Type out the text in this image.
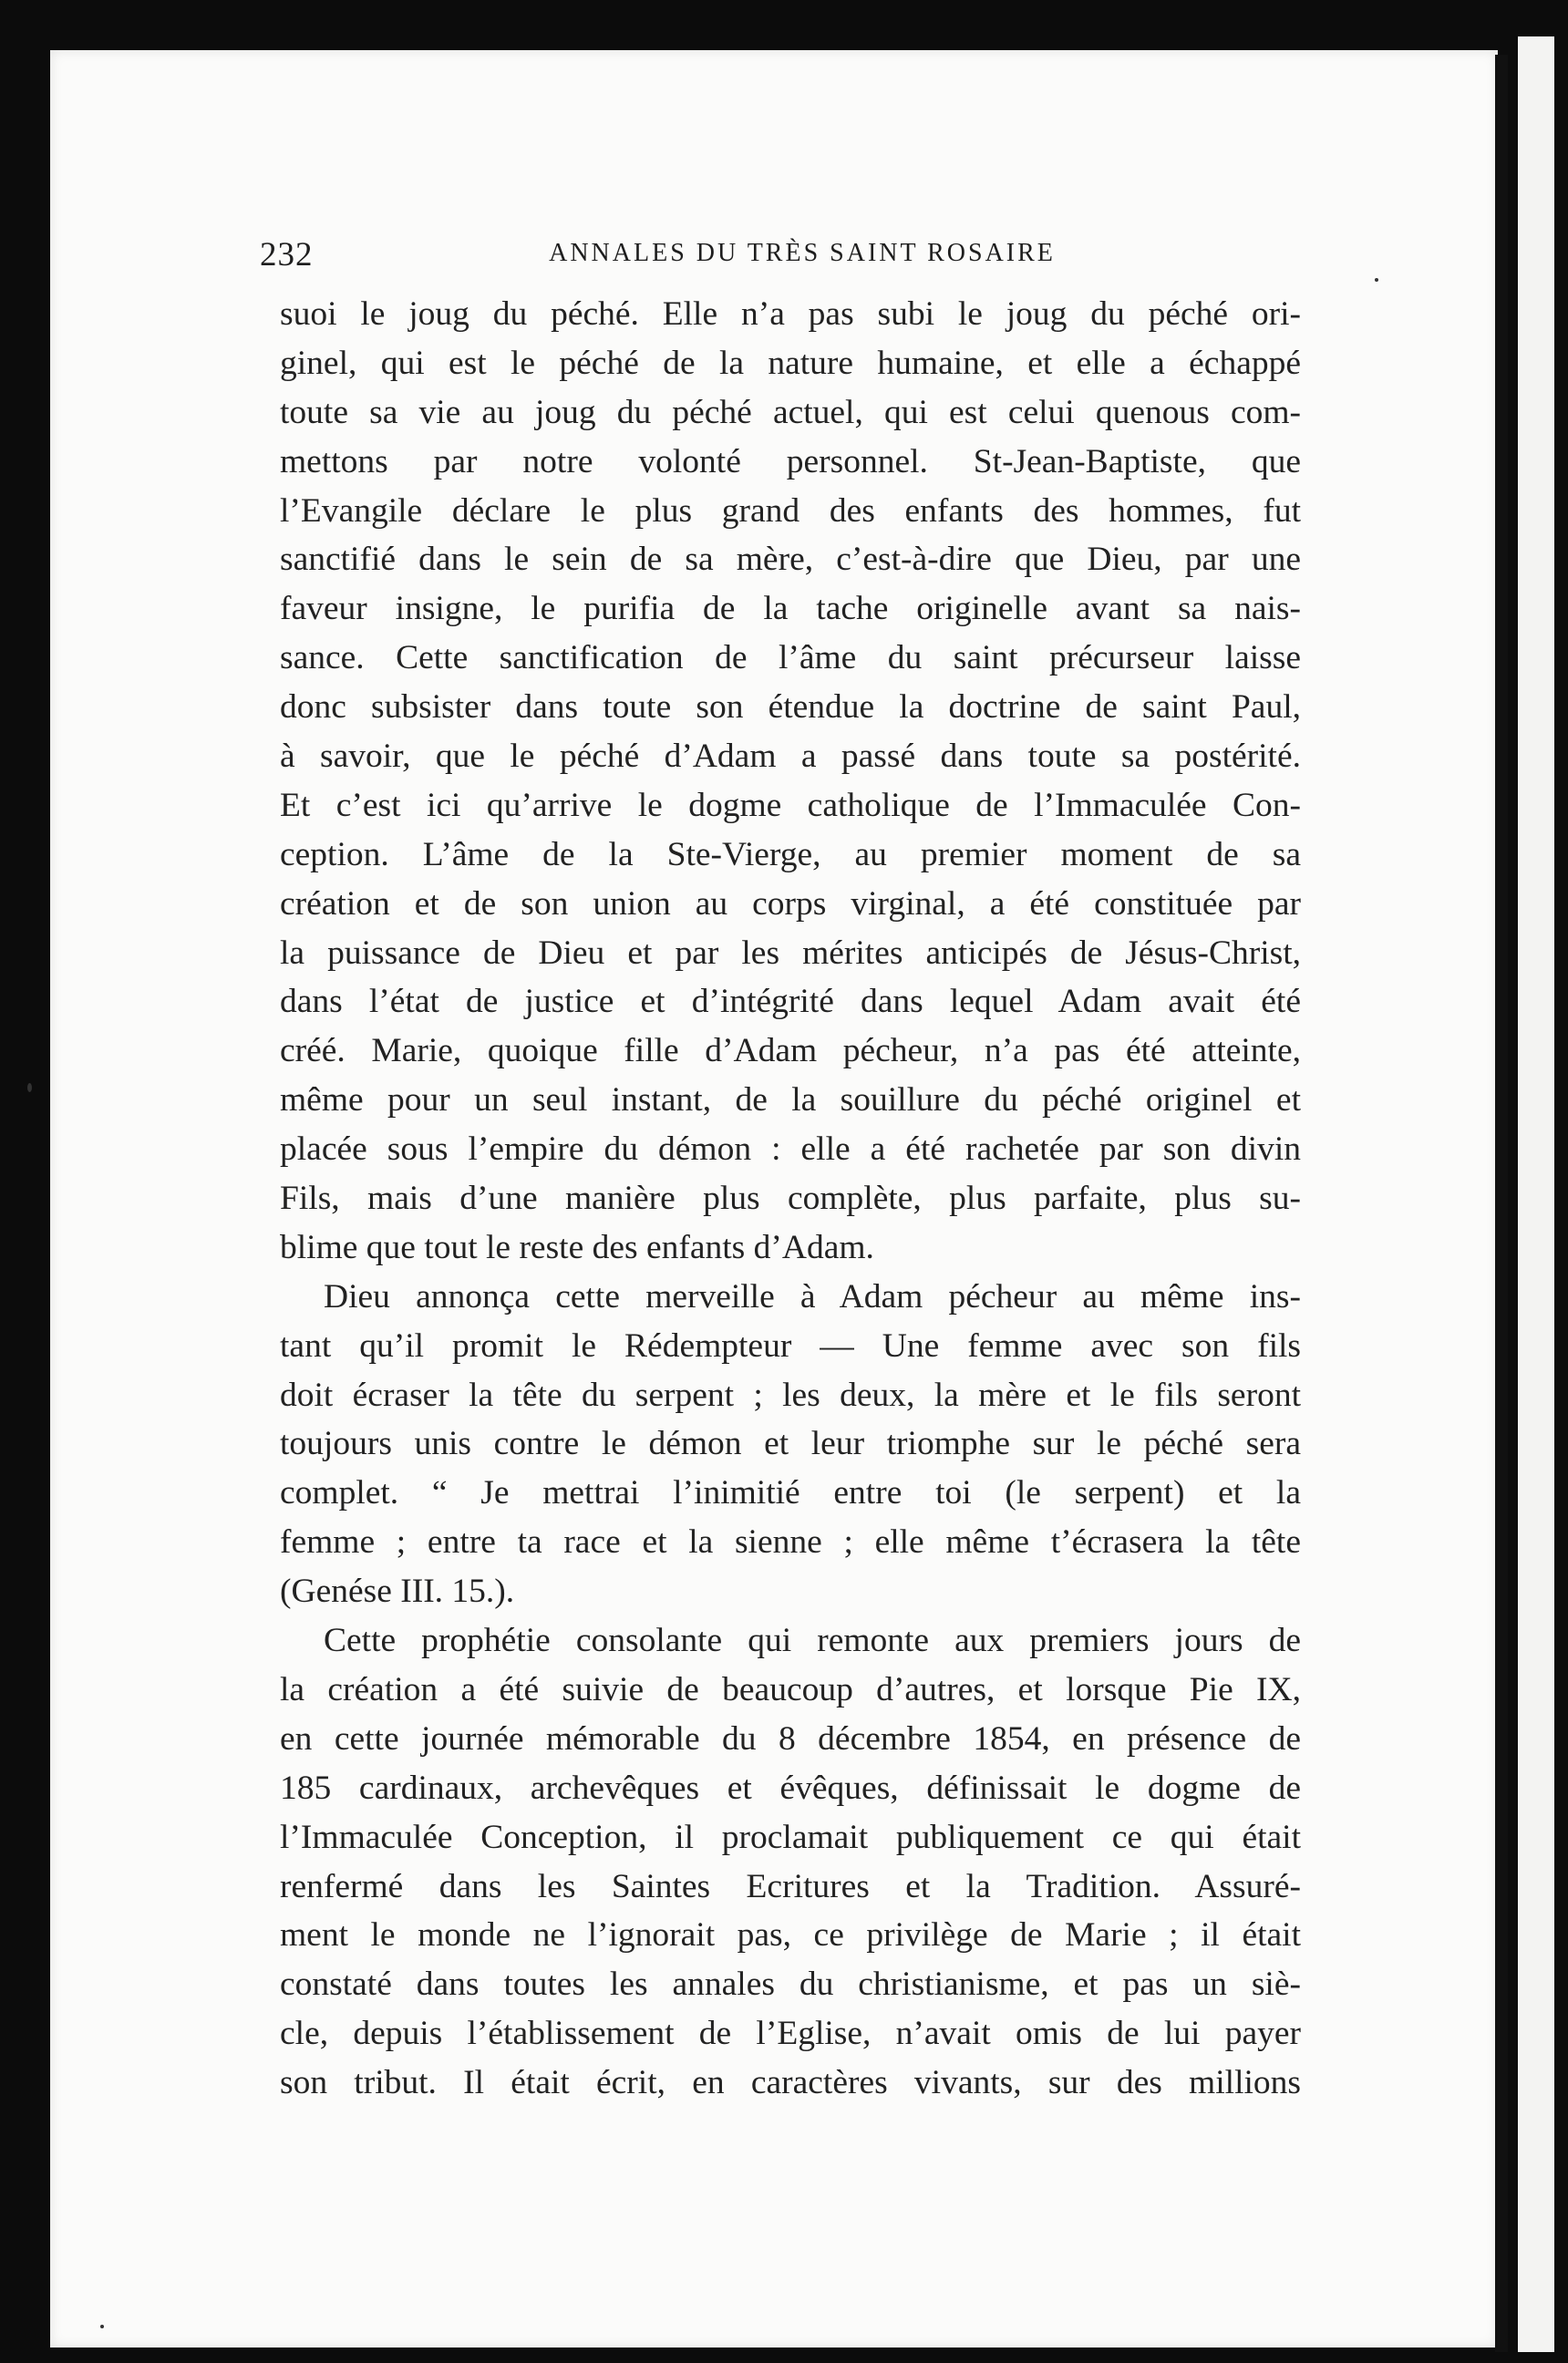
232	ANNALES DU TRÈS SAINT ROSAIRE
suoi le joug du péché. Elle n’a pas subi le joug du péché ori-
ginel, qui est le péché de la nature humaine, et elle a échappé
toute sa vie au joug du péché actuel, qui est celui quenous com-
mettons par notre volonté personnel. St-Jean-Baptiste, que
l’Evangile déclare le plus grand des enfants des hommes, fut
sanctifié dans le sein de sa mère, c’est-à-dire que Dieu, par une
faveur insigne, le purifia de la tache originelle avant sa nais-
sance. Cette sanctification de l’âme du saint précurseur laisse
donc subsister dans toute son étendue la doctrine de saint Paul,
à savoir, que le péché d’Adam a passé dans toute sa postérité.
Et c’est ici qu’arrive le dogme catholique de l’Immaculée Con-
ception. L’âme de la Ste-Vierge, au premier moment de sa
création et de son union au corps virginal, a été constituée par
la puissance de Dieu et par les mérites anticipés de Jésus-Christ,
dans l’état de justice et d’intégrité dans lequel Adam avait été
créé. Marie, quoique fille d’Adam pécheur, n’a pas été atteinte,
même pour un seul instant, de la souillure du péché originel et
placée sous l’empire du démon : elle a été rachetée par son divin
Fils, mais d’une manière plus complète, plus parfaite, plus su-
blime que tout le reste des enfants d’Adam.
Dieu annonça cette merveille à Adam pécheur au même ins-
tant qu’il promit le Rédempteur — Une femme avec son fils
doit écraser la tête du serpent ; les deux, la mère et le fils seront
toujours unis contre le démon et leur triomphe sur le péché sera
complet. “ Je mettrai l’inimitié entre toi (le serpent) et la
femme ; entre ta race et la sienne ; elle même t’écrasera la tête
(Genése III. 15.).
Cette prophétie consolante qui remonte aux premiers jours de
la création a été suivie de beaucoup d’autres, et lorsque Pie IX,
en cette journée mémorable du 8 décembre 1854, en présence de
185 cardinaux, archevêques et évêques, définissait le dogme de
l’Immaculée Conception, il proclamait publiquement ce qui était
renfermé dans les Saintes Ecritures et la Tradition. Assuré-
ment le monde ne l’ignorait pas, ce privilège de Marie ; il était
constaté dans toutes les annales du christianisme, et pas un siè-
cle, depuis l’établissement de l’Eglise, n’avait omis de lui payer
son tribut. Il était écrit, en caractères vivants, sur des millions
